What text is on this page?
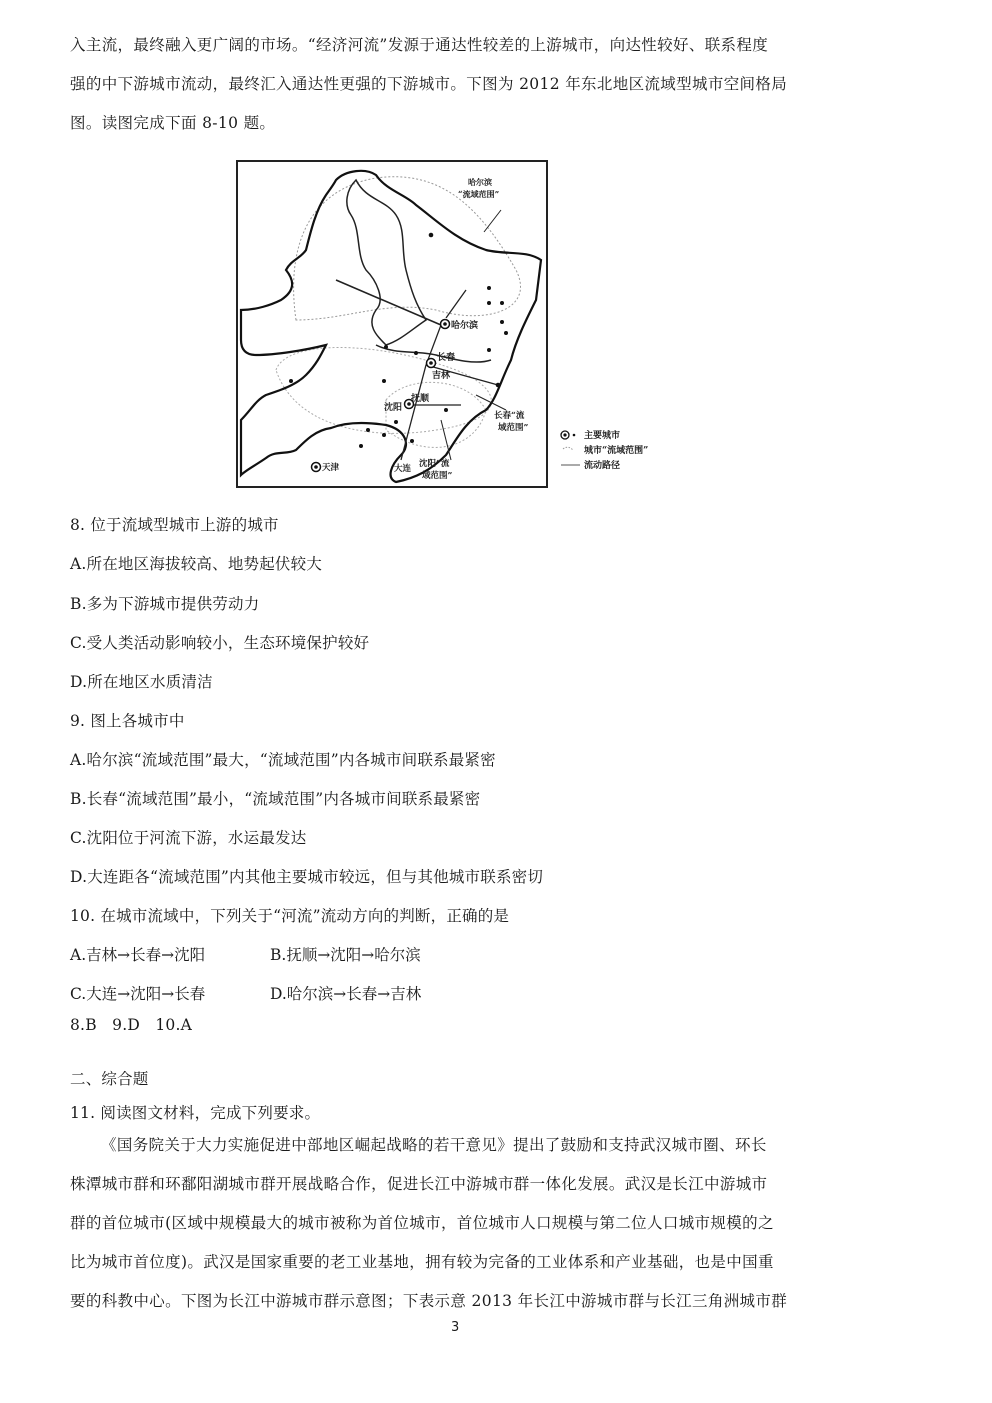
入主流，最终融入更广阔的市场。“经济河流”发源于通达性较差的上游城市，向达性较好、联系程度
强的中下游城市流动，最终汇入通达性更强的下游城市。下图为 2012 年东北地区流域型城市空间格局
图。读图完成下面 8-10 题。
哈尔滨
“流域范围”
哈尔滨
长春
吉林
沈阳
抚顺
长春“流
域范围”
天津	大连 沈阳“流
域范围”
主要城市
城市“流域范围”
流动路径
8. 位于流域型城市上游的城市
A.所在地区海拔较高、地势起伏较大
B.多为下游城市提供劳动力
C.受人类活动影响较小，生态环境保护较好
D.所在地区水质清洁
9. 图上各城市中
A.哈尔滨“流域范围”最大，“流域范围”内各城市间联系最紧密
B.长春“流域范围”最小，“流域范围”内各城市间联系最紧密
C.沈阳位于河流下游，水运最发达
D.大连距各“流域范围”内其他主要城市较远，但与其他城市联系密切
10. 在城市流域中，下列关于“河流”流动方向的判断，正确的是
A.吉林→长春→沈阳	B.抚顺→沈阳→哈尔滨
C.大连→沈阳→长春	D.哈尔滨→长春→吉林
8.B   9.D   10.A
二、综合题
11. 阅读图文材料，完成下列要求。
《国务院关于大力实施促进中部地区崛起战略的若干意见》提出了鼓励和支持武汉城市圈、环长
株潭城市群和环鄱阳湖城市群开展战略合作，促进长江中游城市群一体化发展。武汉是长江中游城市
群的首位城市(区域中规模最大的城市被称为首位城市，首位城市人口规模与第二位人口城市规模的之
比为城市首位度)。武汉是国家重要的老工业基地，拥有较为完备的工业体系和产业基础，也是中国重
要的科教中心。下图为长江中游城市群示意图；下表示意 2013 年长江中游城市群与长江三角洲城市群
3
